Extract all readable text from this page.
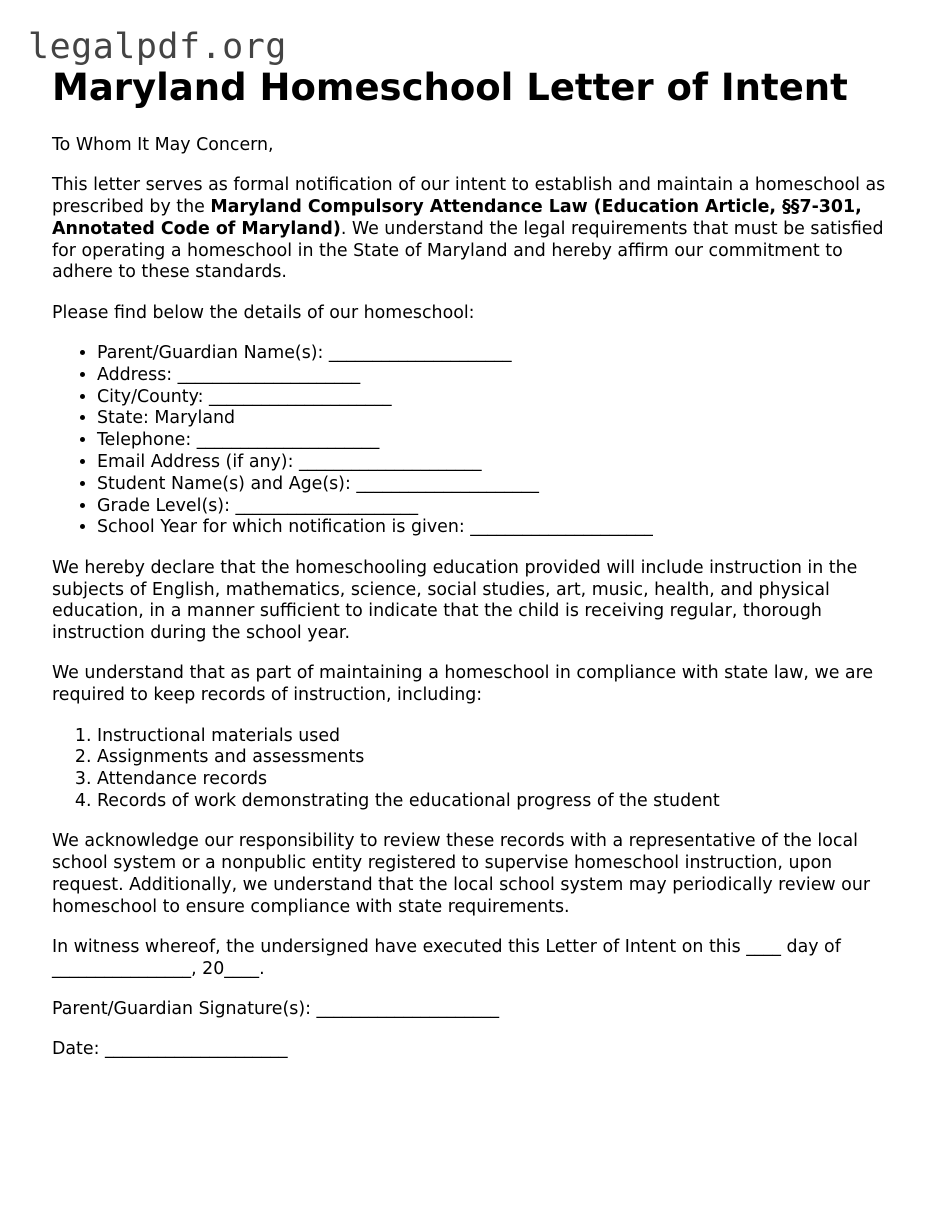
legalpdf.org
Maryland Homeschool Letter of Intent

To Whom It May Concern,

This letter serves as formal notification of our intent to establish and maintain a homeschool as prescribed by the Maryland Compulsory Attendance Law (Education Article, §§7-301, Annotated Code of Maryland). We understand the legal requirements that must be satisfied for operating a homeschool in the State of Maryland and hereby affirm our commitment to adhere to these standards.

Please find below the details of our homeschool:

• Parent/Guardian Name(s): _____________________
• Address: _____________________
• City/County: _____________________
• State: Maryland
• Telephone: _____________________
• Email Address (if any): _____________________
• Student Name(s) and Age(s): _____________________
• Grade Level(s): _____________________
• School Year for which notification is given: _____________________

We hereby declare that the homeschooling education provided will include instruction in the subjects of English, mathematics, science, social studies, art, music, health, and physical education, in a manner sufficient to indicate that the child is receiving regular, thorough instruction during the school year.

We understand that as part of maintaining a homeschool in compliance with state law, we are required to keep records of instruction, including:

1. Instructional materials used
2. Assignments and assessments
3. Attendance records
4. Records of work demonstrating the educational progress of the student

We acknowledge our responsibility to review these records with a representative of the local school system or a nonpublic entity registered to supervise homeschool instruction, upon request. Additionally, we understand that the local school system may periodically review our homeschool to ensure compliance with state requirements.

In witness whereof, the undersigned have executed this Letter of Intent on this ____ day of ________________, 20____.

Parent/Guardian Signature(s): _____________________

Date: _____________________
